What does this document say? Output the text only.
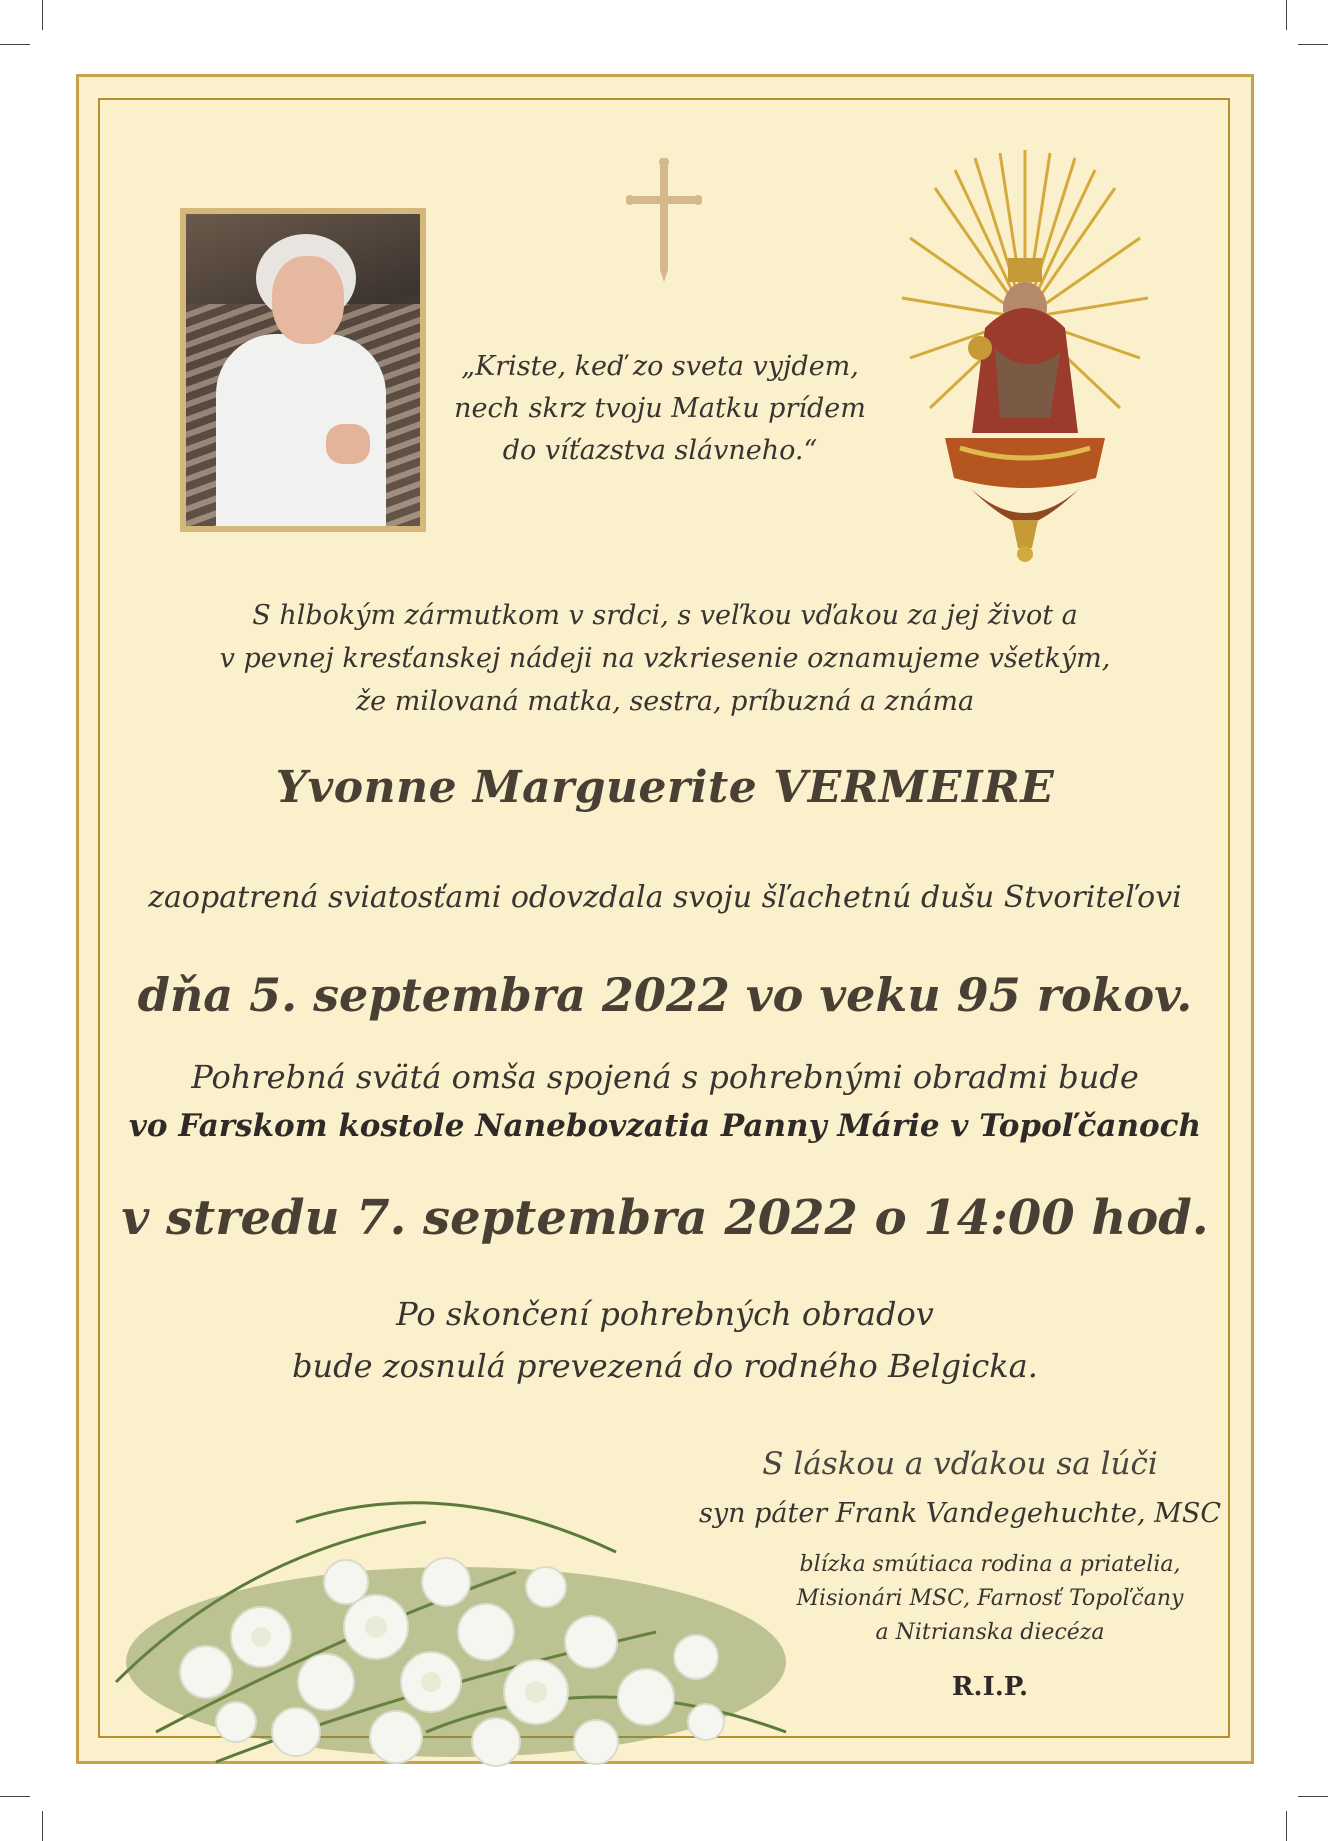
„Kriste, keď zo sveta vyjdem,
nech skrz tvoju Matku prídem
do víťazstva slávneho.“
S hlbokým zármutkom v srdci, s veľkou vďakou za jej život a
v pevnej kresťanskej nádeji na vzkriesenie oznamujeme všetkým,
že milovaná matka, sestra, príbuzná a známa
Yvonne Marguerite VERMEIRE
zaopatrená sviatosťami odovzdala svoju šľachetnú dušu Stvoriteľovi
dňa 5. septembra 2022 vo veku 95 rokov.
Pohrebná svätá omša spojená s pohrebnými obradmi bude
vo Farskom kostole Nanebovzatia Panny Márie v Topoľčanoch
v stredu 7. septembra 2022 o 14:00 hod.
Po skončení pohrebných obradov
bude zosnulá prevezená do rodného Belgicka.
S láskou a vďakou sa lúči
syn páter Frank Vandegehuchte, MSC
blízka smútiaca rodina a priatelia,
Misionári MSC, Farnosť Topoľčany
a Nitrianska diecéza
R.I.P.
